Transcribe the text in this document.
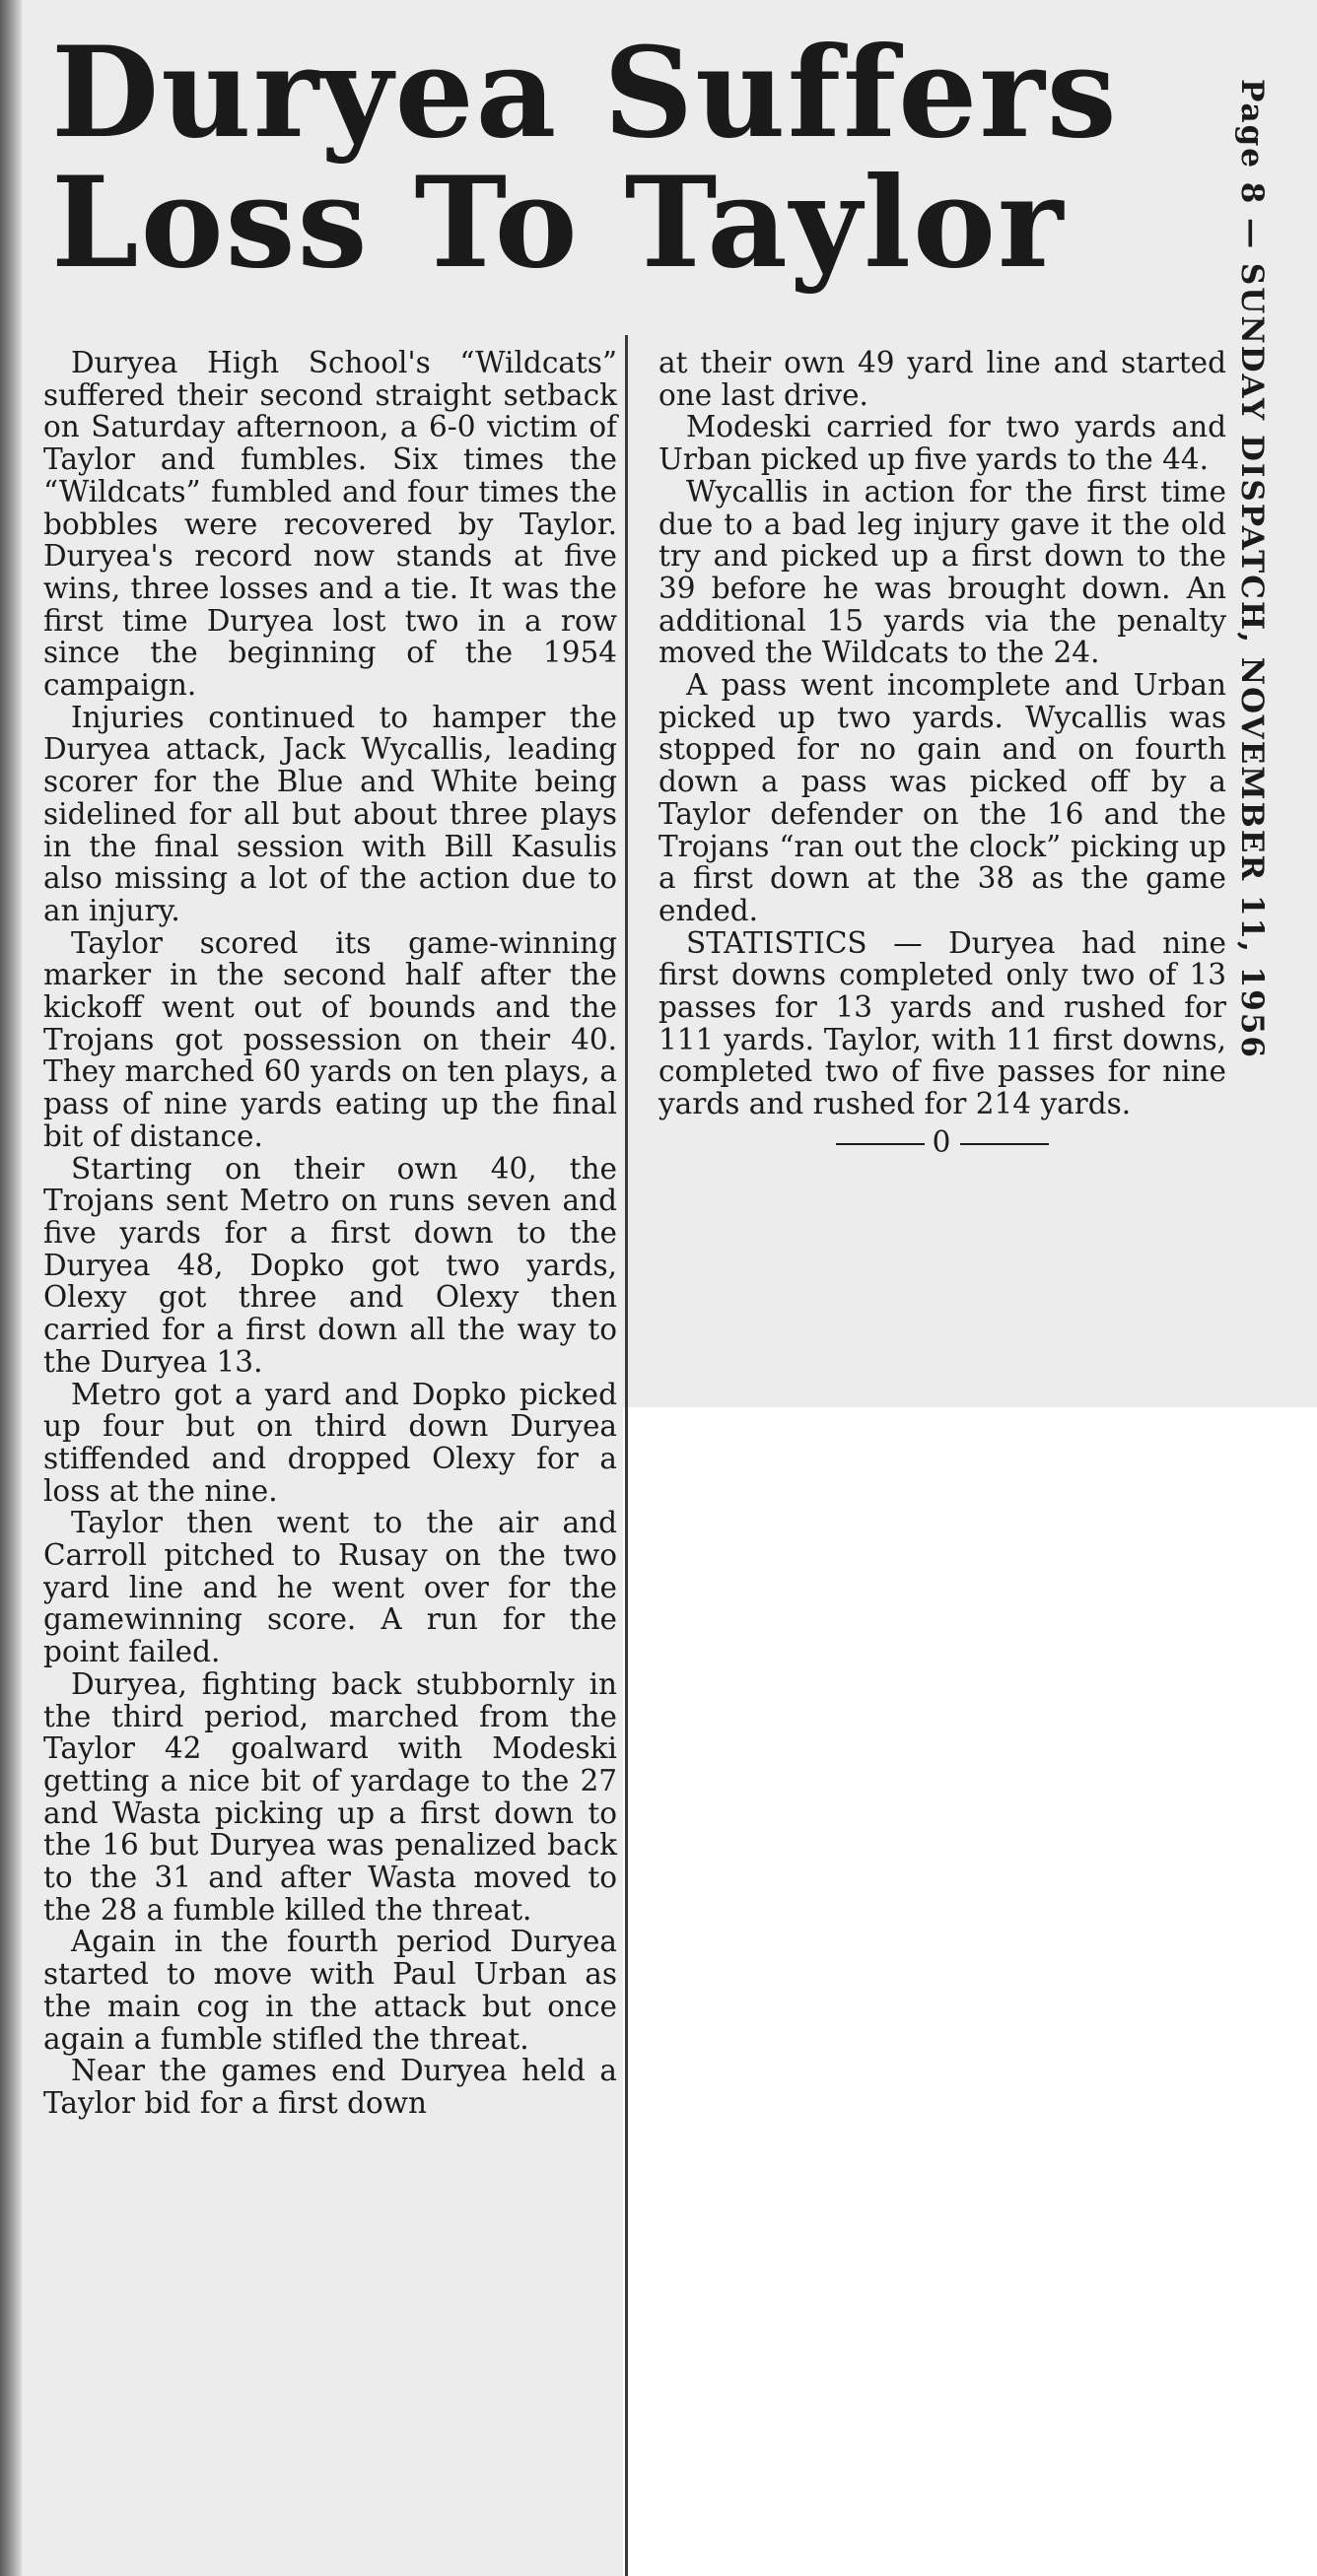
Duryea Suffers
Loss To Taylor

Duryea High School's “Wildcats” suffered their second straight setback on Saturday afternoon, a 6-0 victim of Taylor and fumbles. Six times the “Wildcats” fumbled and four times the bobbles were recovered by Taylor. Duryea's record now stands at five wins, three losses and a tie. It was the first time Duryea lost two in a row since the beginning of the 1954 campaign.

Injuries continued to hamper the Duryea attack, Jack Wycallis, leading scorer for the Blue and White being sidelined for all but about three plays in the final session with Bill Kasulis also missing a lot of the action due to an injury.

Taylor scored its game-winning marker in the second half after the kickoff went out of bounds and the Trojans got possession on their 40. They marched 60 yards on ten plays, a pass of nine yards eating up the final bit of distance.

Starting on their own 40, the Trojans sent Metro on runs seven and five yards for a first down to the Duryea 48, Dopko got two yards, Olexy got three and Olexy then carried for a first down all the way to the Duryea 13.

Metro got a yard and Dopko picked up four but on third down Duryea stiffended and dropped Olexy for a loss at the nine.

Taylor then went to the air and Carroll pitched to Rusay on the two yard line and he went over for the gamewinning score. A run for the point failed.

Duryea, fighting back stubbornly in the third period, marched from the Taylor 42 goalward with Modeski getting a nice bit of yardage to the 27 and Wasta picking up a first down to the 16 but Duryea was penalized back to the 31 and after Wasta moved to the 28 a fumble killed the threat.

Again in the fourth period Duryea started to move with Paul Urban as the main cog in the attack but once again a fumble stifled the threat.

Near the games end Duryea held a Taylor bid for a first down

at their own 49 yard line and started one last drive.

Modeski carried for two yards and Urban picked up five yards to the 44.

Wycallis in action for the first time due to a bad leg injury gave it the old try and picked up a first down to the 39 before he was brought down. An additional 15 yards via the penalty moved the Wildcats to the 24.

A pass went incomplete and Urban picked up two yards. Wycallis was stopped for no gain and on fourth down a pass was picked off by a Taylor defender on the 16 and the Trojans “ran out the clock” picking up a first down at the 38 as the game ended.

STATISTICS — Duryea had nine first downs completed only two of 13 passes for 13 yards and rushed for 111 yards. Taylor, with 11 first downs, completed two of five passes for nine yards and rushed for 214 yards.

0
Page 8 — SUNDAY DISPATCH, NOVEMBER 11, 1956
